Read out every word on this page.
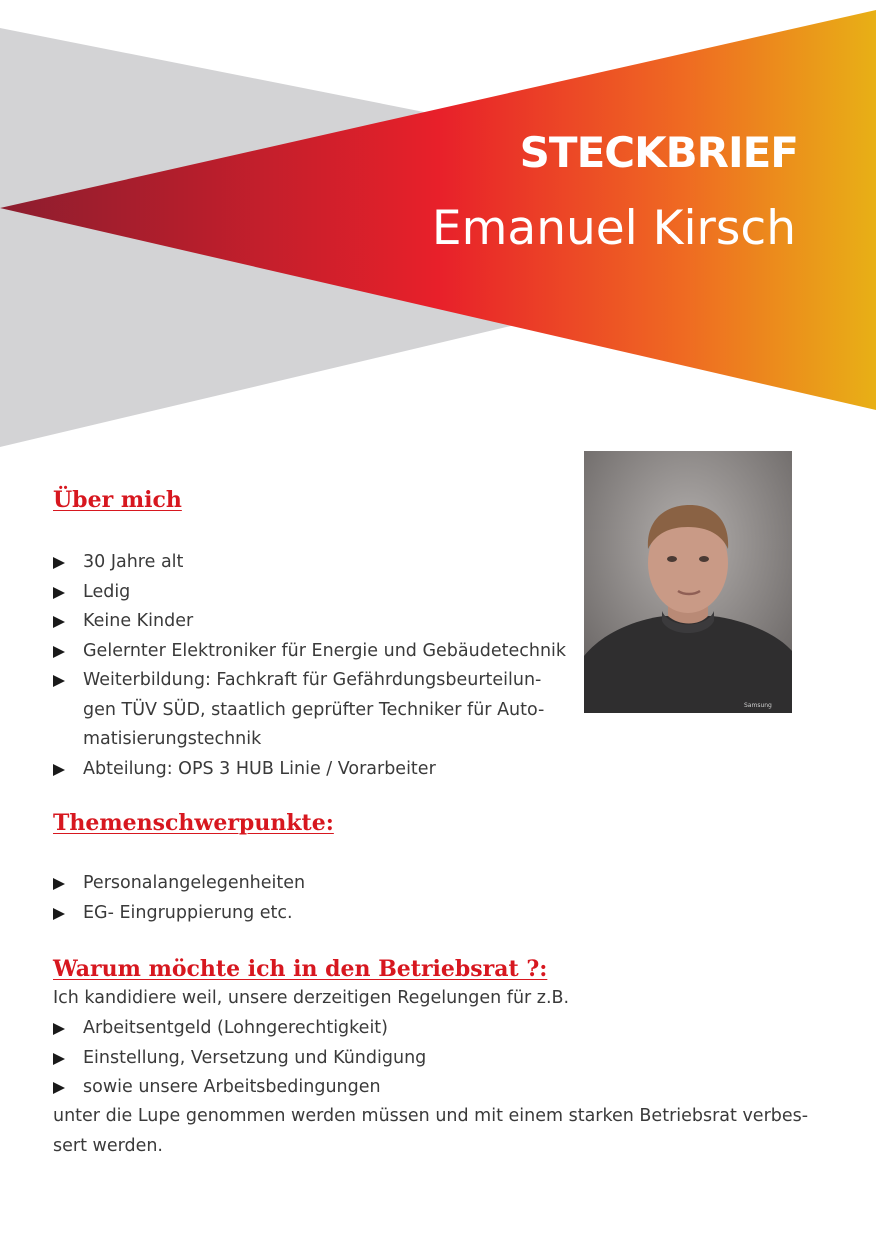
STECKBRIEF
Emanuel Kirsch
Samsung
Über mich
30 Jahre alt
Ledig
Keine Kinder
Gelernter Elektroniker für Energie und Gebäudetechnik
Weiterbildung: Fachkraft für Gefährdungsbeurteilun-
gen TÜV SÜD, staatlich geprüfter Techniker für Auto-
matisierungstechnik
Abteilung: OPS 3 HUB Linie / Vorarbeiter
Themenschwerpunkte:
Personalangelegenheiten
EG- Eingruppierung etc.
Warum möchte ich in den Betriebsrat ?:

Ich kandidiere weil, unsere derzeitigen Regelungen für z.B.

Arbeitsentgeld (Lohngerechtigkeit)
Einstellung, Versetzung und Kündigung
sowie unsere Arbeitsbedingungen

unter die Lupe genommen werden müssen und mit einem starken Betriebsrat verbes-
sert werden.
